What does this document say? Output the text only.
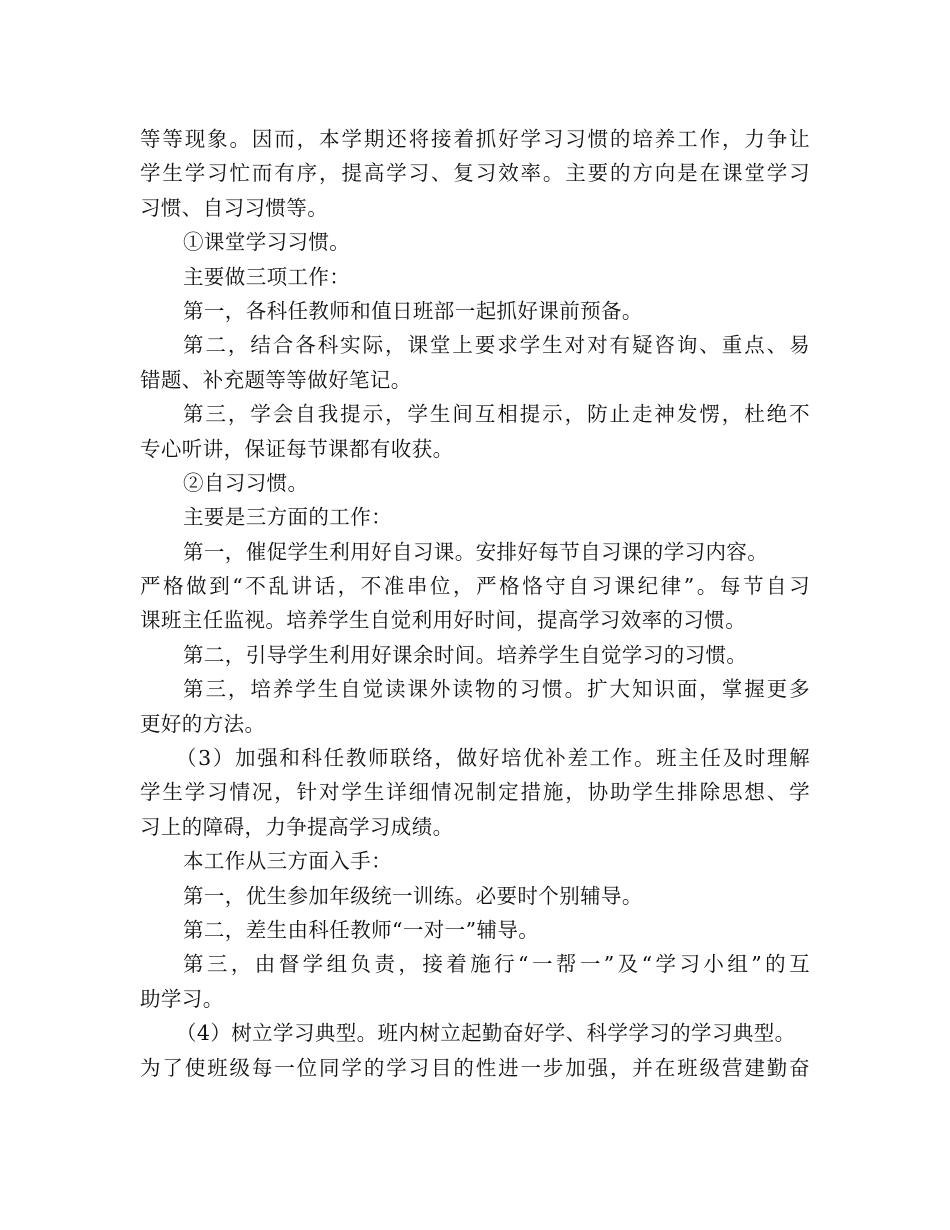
等等现象。因而，本学期还将接着抓好学习习惯的培养工作，力争让
学生学习忙而有序，提高学习、复习效率。主要的方向是在课堂学习
习惯、自习习惯等。
①课堂学习习惯。
主要做三项工作：
第一，各科任教师和值日班部一起抓好课前预备。
第二，结合各科实际，课堂上要求学生对对有疑咨询、重点、易
错题、补充题等等做好笔记。
第三，学会自我提示，学生间互相提示，防止走神发愣，杜绝不
专心听讲，保证每节课都有收获。
②自习习惯。
主要是三方面的工作：
第一，催促学生利用好自习课。安排好每节自习课的学习内容。
严格做到“不乱讲话，不准串位，严格恪守自习课纪律”。每节自习
课班主任监视。培养学生自觉利用好时间，提高学习效率的习惯。
第二，引导学生利用好课余时间。培养学生自觉学习的习惯。
第三，培养学生自觉读课外读物的习惯。扩大知识面，掌握更多
更好的方法。
（3）加强和科任教师联络，做好培优补差工作。班主任及时理解
学生学习情况，针对学生详细情况制定措施，协助学生排除思想、学
习上的障碍，力争提高学习成绩。
本工作从三方面入手：
第一，优生参加年级统一训练。必要时个别辅导。
第二，差生由科任教师“一对一”辅导。
第三，由督学组负责，接着施行“一帮一”及“学习小组”的互
助学习。
（4）树立学习典型。班内树立起勤奋好学、科学学习的学习典型。
为了使班级每一位同学的学习目的性进一步加强，并在班级营建勤奋
